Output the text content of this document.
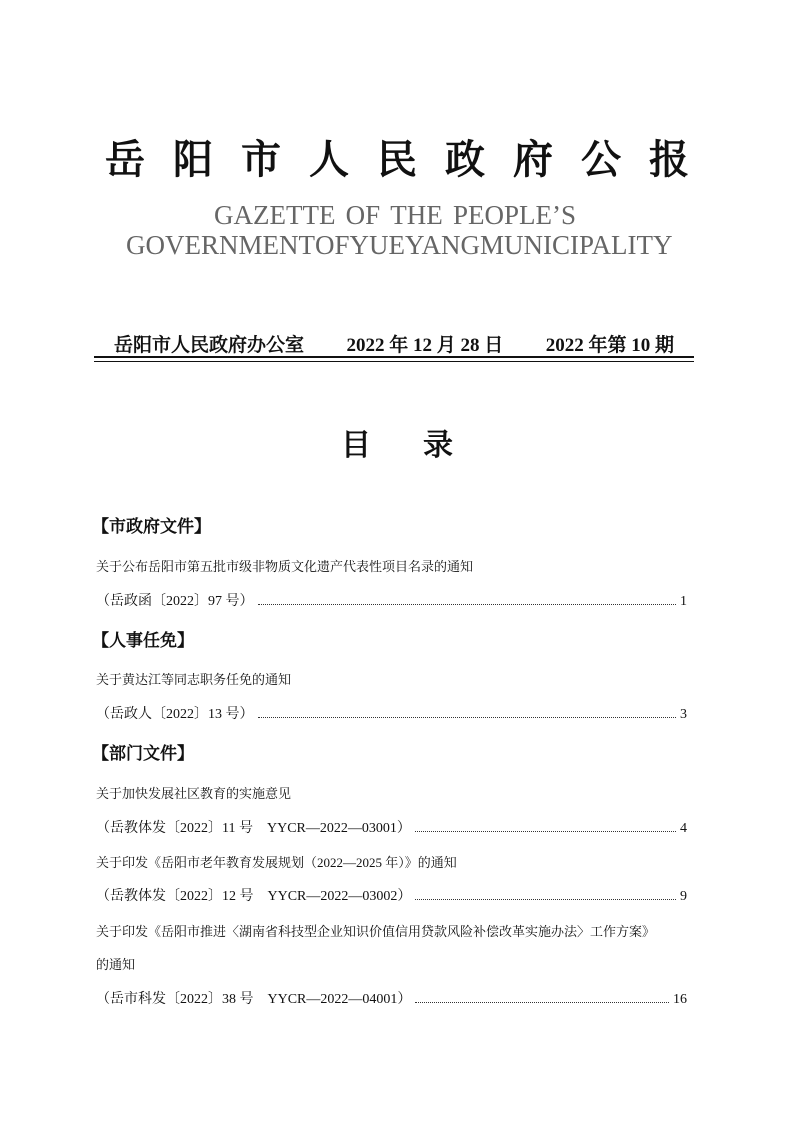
岳阳市人民政府公报
GAZETTE OF THE PEOPLE’S
GOVERNMENT OF YUEYANG MUNICIPALITY
岳阳市人民政府办公室 2022 年 12 月 28 日 2022 年第 10 期
目录
【市政府文件】
关于公布岳阳市第五批市级非物质文化遗产代表性项目名录的通知
（岳政函〔2022〕97 号）	1
【人事任免】
关于黄达江等同志职务任免的通知
（岳政人〔2022〕13 号）	3
【部门文件】
关于加快发展社区教育的实施意见
（岳教体发〔2022〕11 号　YYCR—2022—03001）	4
关于印发《岳阳市老年教育发展规划（2022—2025 年）》的通知
（岳教体发〔2022〕12 号　YYCR—2022—03002）	9
关于印发《岳阳市推进〈湖南省科技型企业知识价值信用贷款风险补偿改革实施办法〉工作方案》
的通知
（岳市科发〔2022〕38 号　YYCR—2022—04001）	16
